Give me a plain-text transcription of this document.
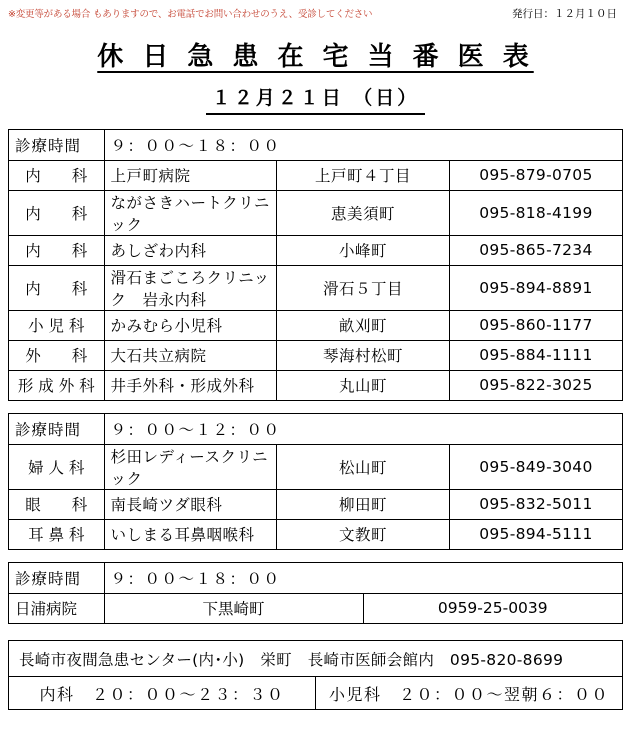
※変更等がある場合 もありますので、お電話でお問い合わせのうえ、受診してください	発行日：１２月１０日
休 日 急 患 在 宅 当 番 医 表
１２月２１日 （日）
診療時間	９：００～１８：００		
内　　科	上戸町病院	上戸町４丁目	095-879-0705
内　　科	ながさきハートクリニック	恵美須町	095-818-4199
内　　科	あしざわ内科	小峰町	095-865-7234
内　　科	滑石まごころクリニック　岩永内科	滑石５丁目	095-894-8891
小 児 科	かみむら小児科	畝刈町	095-860-1177
外　　科	大石共立病院	琴海村松町	095-884-1111
形 成 外 科	井手外科・形成外科	丸山町	095-822-3025
診療時間	９：００～１２：００		
婦 人 科	杉田レディースクリニック	松山町	095-849-3040
眼　　科	南長崎ツダ眼科	柳田町	095-832-5011
耳 鼻 科	いしまる耳鼻咽喉科	文教町	095-894-5111
診療時間	９：００～１８：００	
日浦病院	下黒崎町	0959-25-0039
長崎市夜間急患センター(内･小)　栄町　長崎市医師会館内　095-820-8699
内科　２０：００～２３：３０	小児科　２０：００～翌朝６：００
